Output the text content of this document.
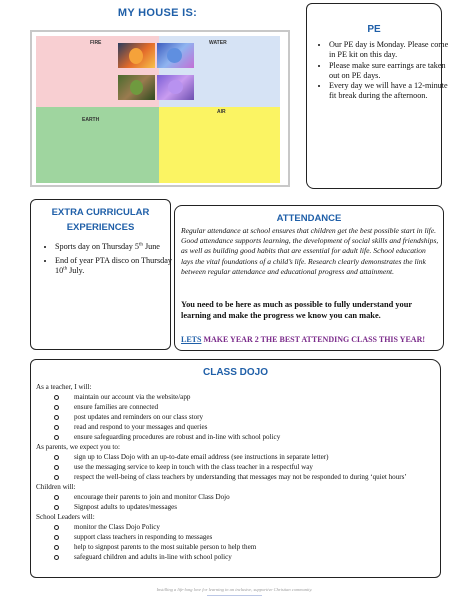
MY HOUSE IS:
FIRE	WATER
EARTH
AIR
PE
• Our PE day is Monday. Please come in PE kit on this day.
• Please make sure earrings are taken out on PE days.
• Every day we will have a 12-minute fit break during the afternoon.
EXTRA CURRICULAR EXPERIENCES
• Sports day on Thursday 5th June
• End of year PTA disco on Thursday 10th July.
ATTENDANCE

Regular attendance at school ensures that children get the best possible start in life. Good attendance supports learning, the development of social skills and friendships, as well as building good habits that are essential for adult life. School education lays the vital foundations of a child’s life. Research clearly demonstrates the link between regular attendance and educational progress and attainment.

You need to be here as much as possible to fully understand your learning and make the progress we know you can make.

LETS MAKE YEAR 2 THE BEST ATTENDING CLASS THIS YEAR!

CLASS DOJO

As a teacher, I will:

maintain our account via the website/app
ensure families are connected
post updates and reminders on our class story
read and respond to your messages and queries
ensure safeguarding procedures are robust and in-line with school policy

As parents, we expect you to:

sign up to Class Dojo with an up-to-date email address (see instructions in separate letter)
use the messaging service to keep in touch with the class teacher in a respectful way
respect the well-being of class teachers by understanding that messages may not be responded to during ‘quiet hours’

Children will:

encourage their parents to join and monitor Class Dojo
Signpost adults to updates/messages

School Leaders will:

monitor the Class Dojo Policy
support class teachers in responding to messages
help to signpost parents to the most suitable person to help them
safeguard children and adults in-line with school policy
Instilling a life-long love for learning in an inclusive, supportive Christian community.
